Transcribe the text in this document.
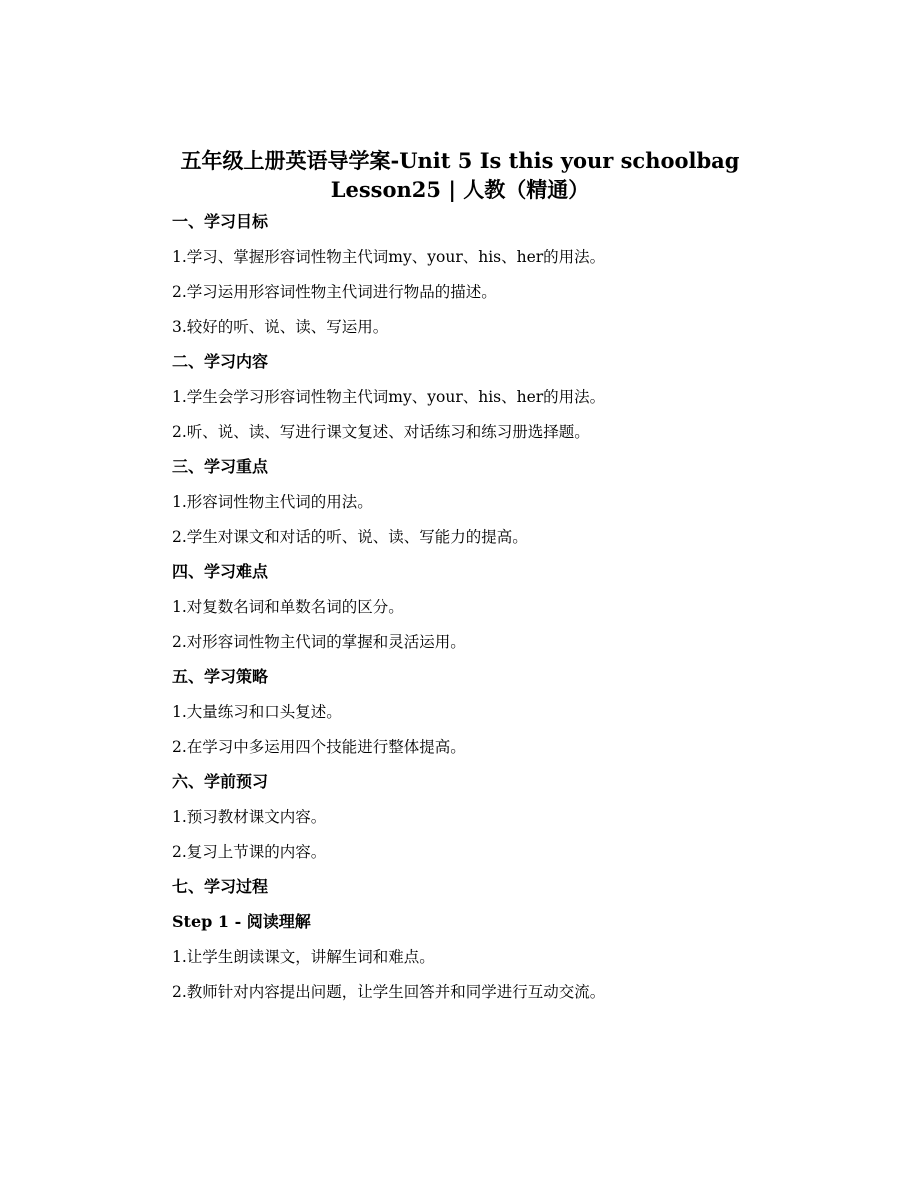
五年级上册英语导学案-Unit 5 Is this your schoolbag
Lesson25 | 人教（精通）
一、学习目标
1.学习、掌握形容词性物主代词my、your、his、her的用法。
2.学习运用形容词性物主代词进行物品的描述。
3.较好的听、说、读、写运用。
二、学习内容
1.学生会学习形容词性物主代词my、your、his、her的用法。
2.听、说、读、写进行课文复述、对话练习和练习册选择题。
三、学习重点
1.形容词性物主代词的用法。
2.学生对课文和对话的听、说、读、写能力的提高。
四、学习难点
1.对复数名词和单数名词的区分。
2.对形容词性物主代词的掌握和灵活运用。
五、学习策略
1.大量练习和口头复述。
2.在学习中多运用四个技能进行整体提高。
六、学前预习
1.预习教材课文内容。
2.复习上节课的内容。
七、学习过程
Step 1 - 阅读理解
1.让学生朗读课文，讲解生词和难点。
2.教师针对内容提出问题，让学生回答并和同学进行互动交流。
